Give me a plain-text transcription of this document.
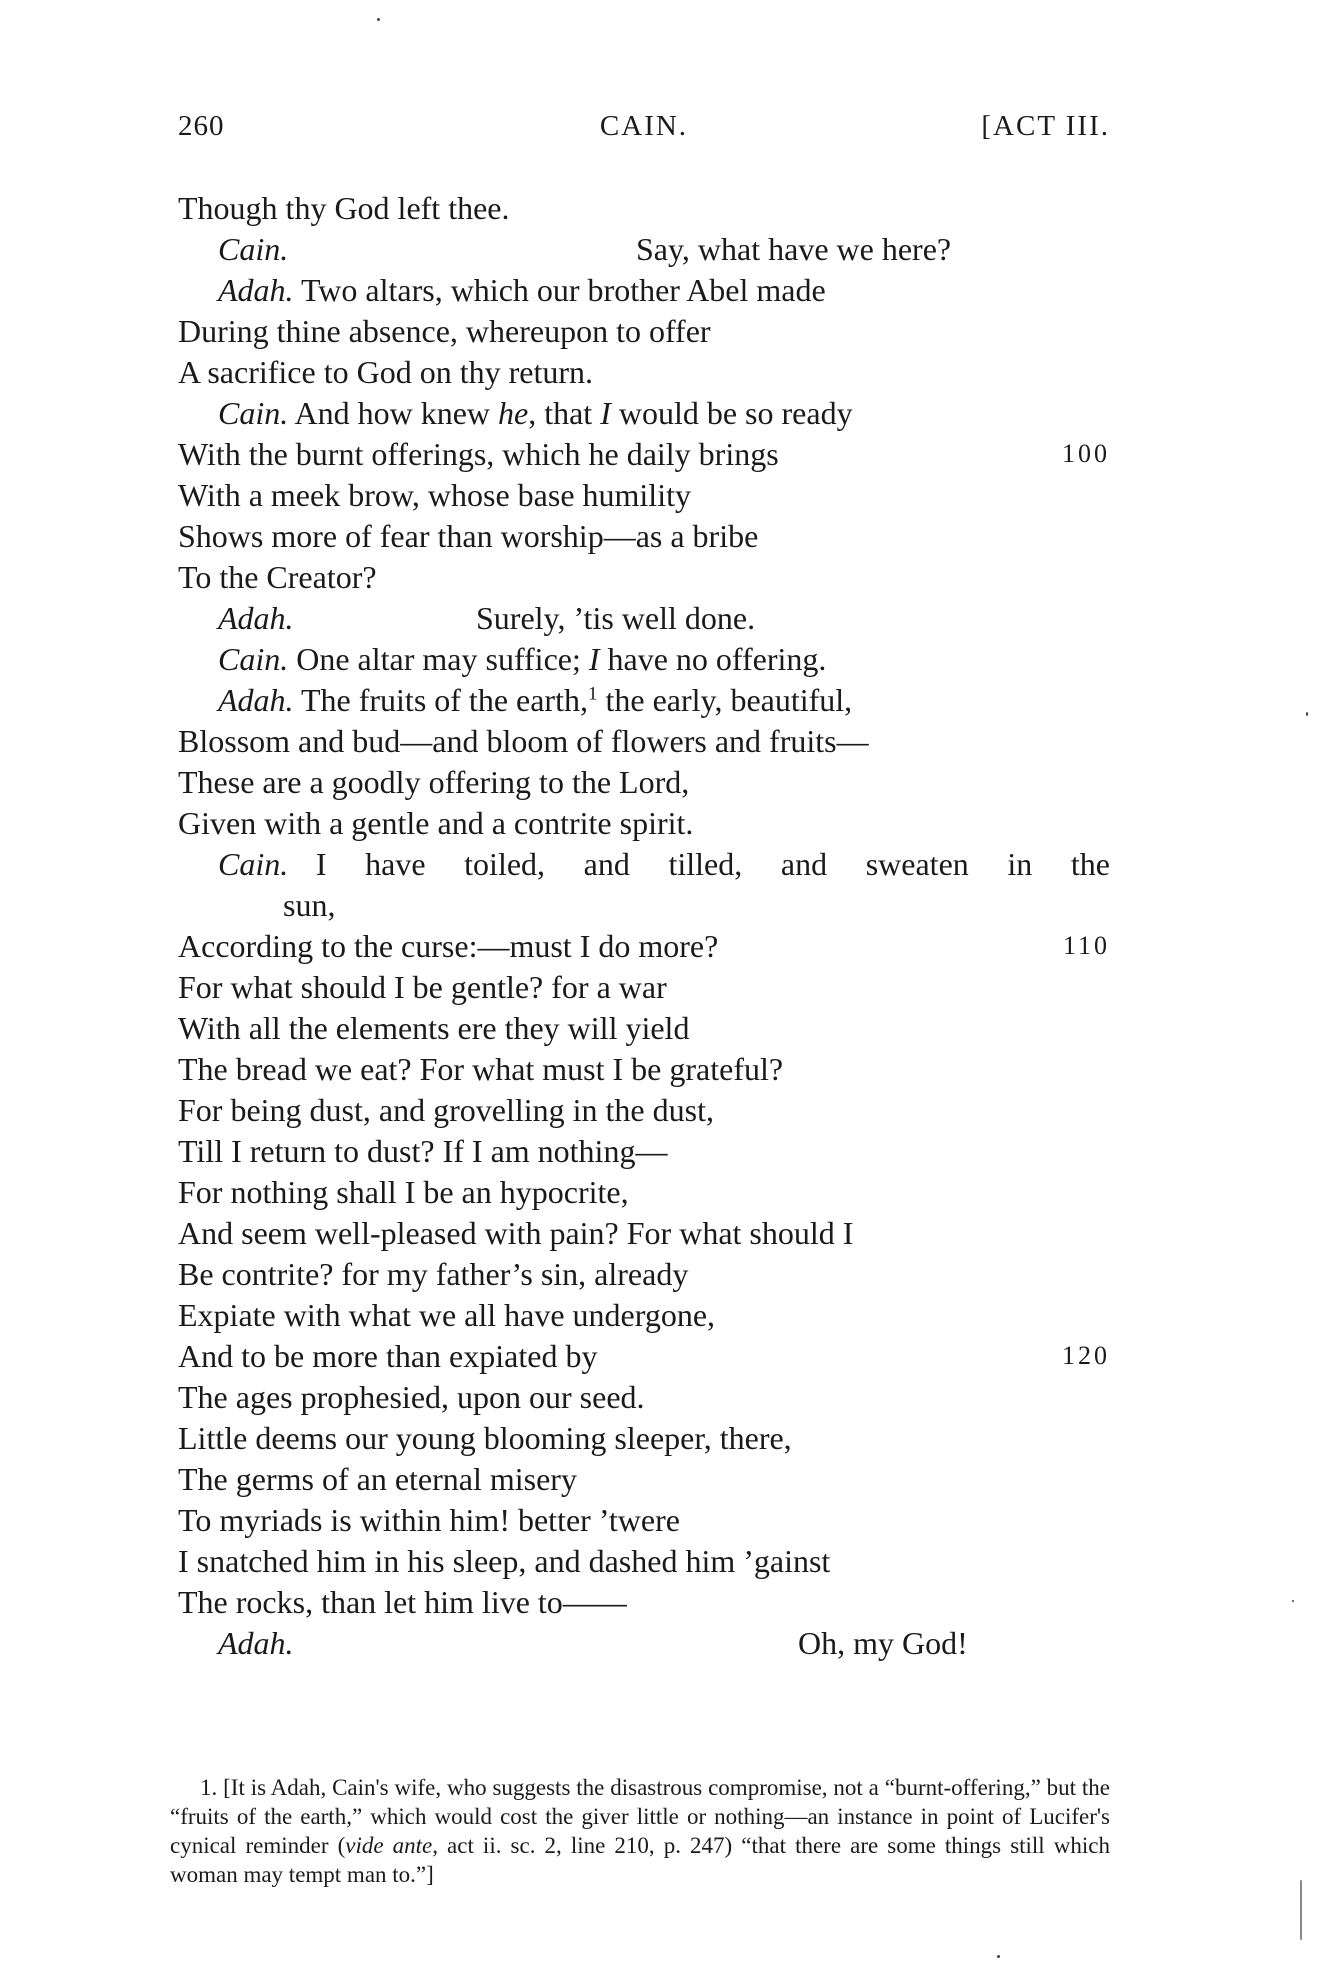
260	CAIN.	[ACT III.
Though thy God left thee.
Cain.	Say, what have we here?
Adah. Two altars, which our brother Abel made
During thine absence, whereupon to offer
A sacrifice to God on thy return.
Cain. And how knew he, that I would be so ready
With the burnt offerings, which he daily brings	100
With a meek brow, whose base humility
Shows more of fear than worship—as a bribe
To the Creator?
Adah.	Surely, ’tis well done.
Cain. One altar may suffice; I have no offering.
Adah. The fruits of the earth,$^1$ the early, beautiful,
Blossom and bud—and bloom of flowers and fruits—
These are a goodly offering to the Lord,
Given with a gentle and a contrite spirit.
Cain. I have toiled, and tilled, and sweaten in the
sun,
According to the curse:—must I do more?	110
For what should I be gentle? for a war
With all the elements ere they will yield
The bread we eat? For what must I be grateful?
For being dust, and grovelling in the dust,
Till I return to dust? If I am nothing—
For nothing shall I be an hypocrite,
And seem well-pleased with pain? For what should I
Be contrite? for my father’s sin, already
Expiate with what we all have undergone,
And to be more than expiated by	120
The ages prophesied, upon our seed.
Little deems our young blooming sleeper, there,
The germs of an eternal misery
To myriads is within him! better ’twere
I snatched him in his sleep, and dashed him ’gainst
The rocks, than let him live to——
Adah.	Oh, my God!

1. [It is Adah, Cain's wife, who suggests the disastrous compromise, not a “burnt-offering,” but the “fruits of the earth,” which would cost the giver little or nothing—an instance in point of Lucifer's cynical reminder (vide ante, act ii. sc. 2, line 210, p. 247) “that there are some things still which woman may tempt man to.”]
